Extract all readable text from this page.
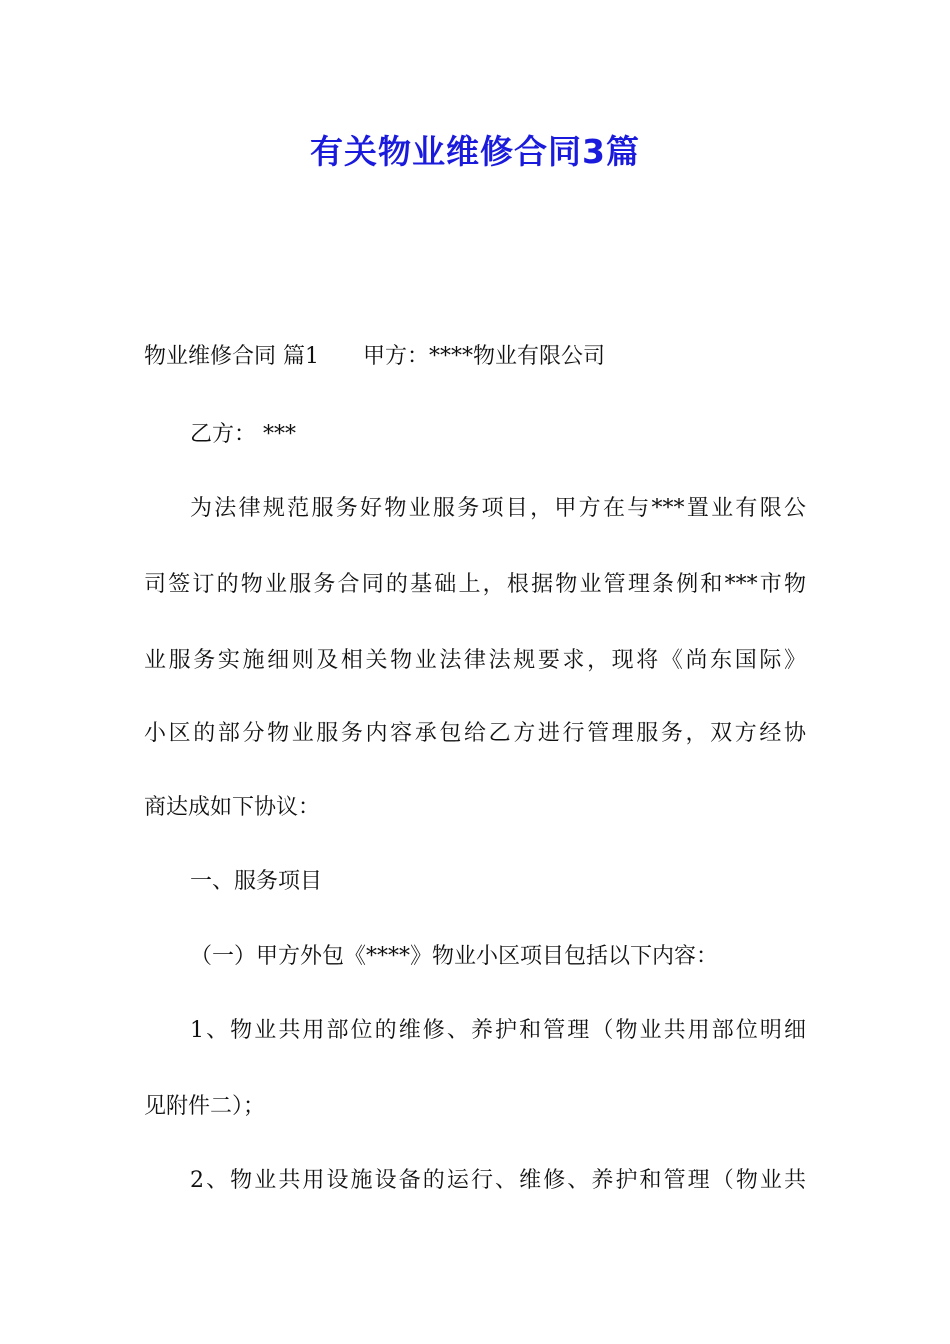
有关物业维修合同3篇

物业维修合同 篇1 甲方：****物业有限公司

乙方： ***

为法律规范服务好物业服务项目，甲方在与***置业有限公

司签订的物业服务合同的基础上，根据物业管理条例和***市物

业服务实施细则及相关物业法律法规要求，现将《尚东国际》

小区的部分物业服务内容承包给乙方进行管理服务，双方经协

商达成如下协议：

一、服务项目

（一）甲方外包《****》物业小区项目包括以下内容：

1、物业共用部位的维修、养护和管理（物业共用部位明细

见附件二）；

2、物业共用设施设备的运行、维修、养护和管理（物业共
